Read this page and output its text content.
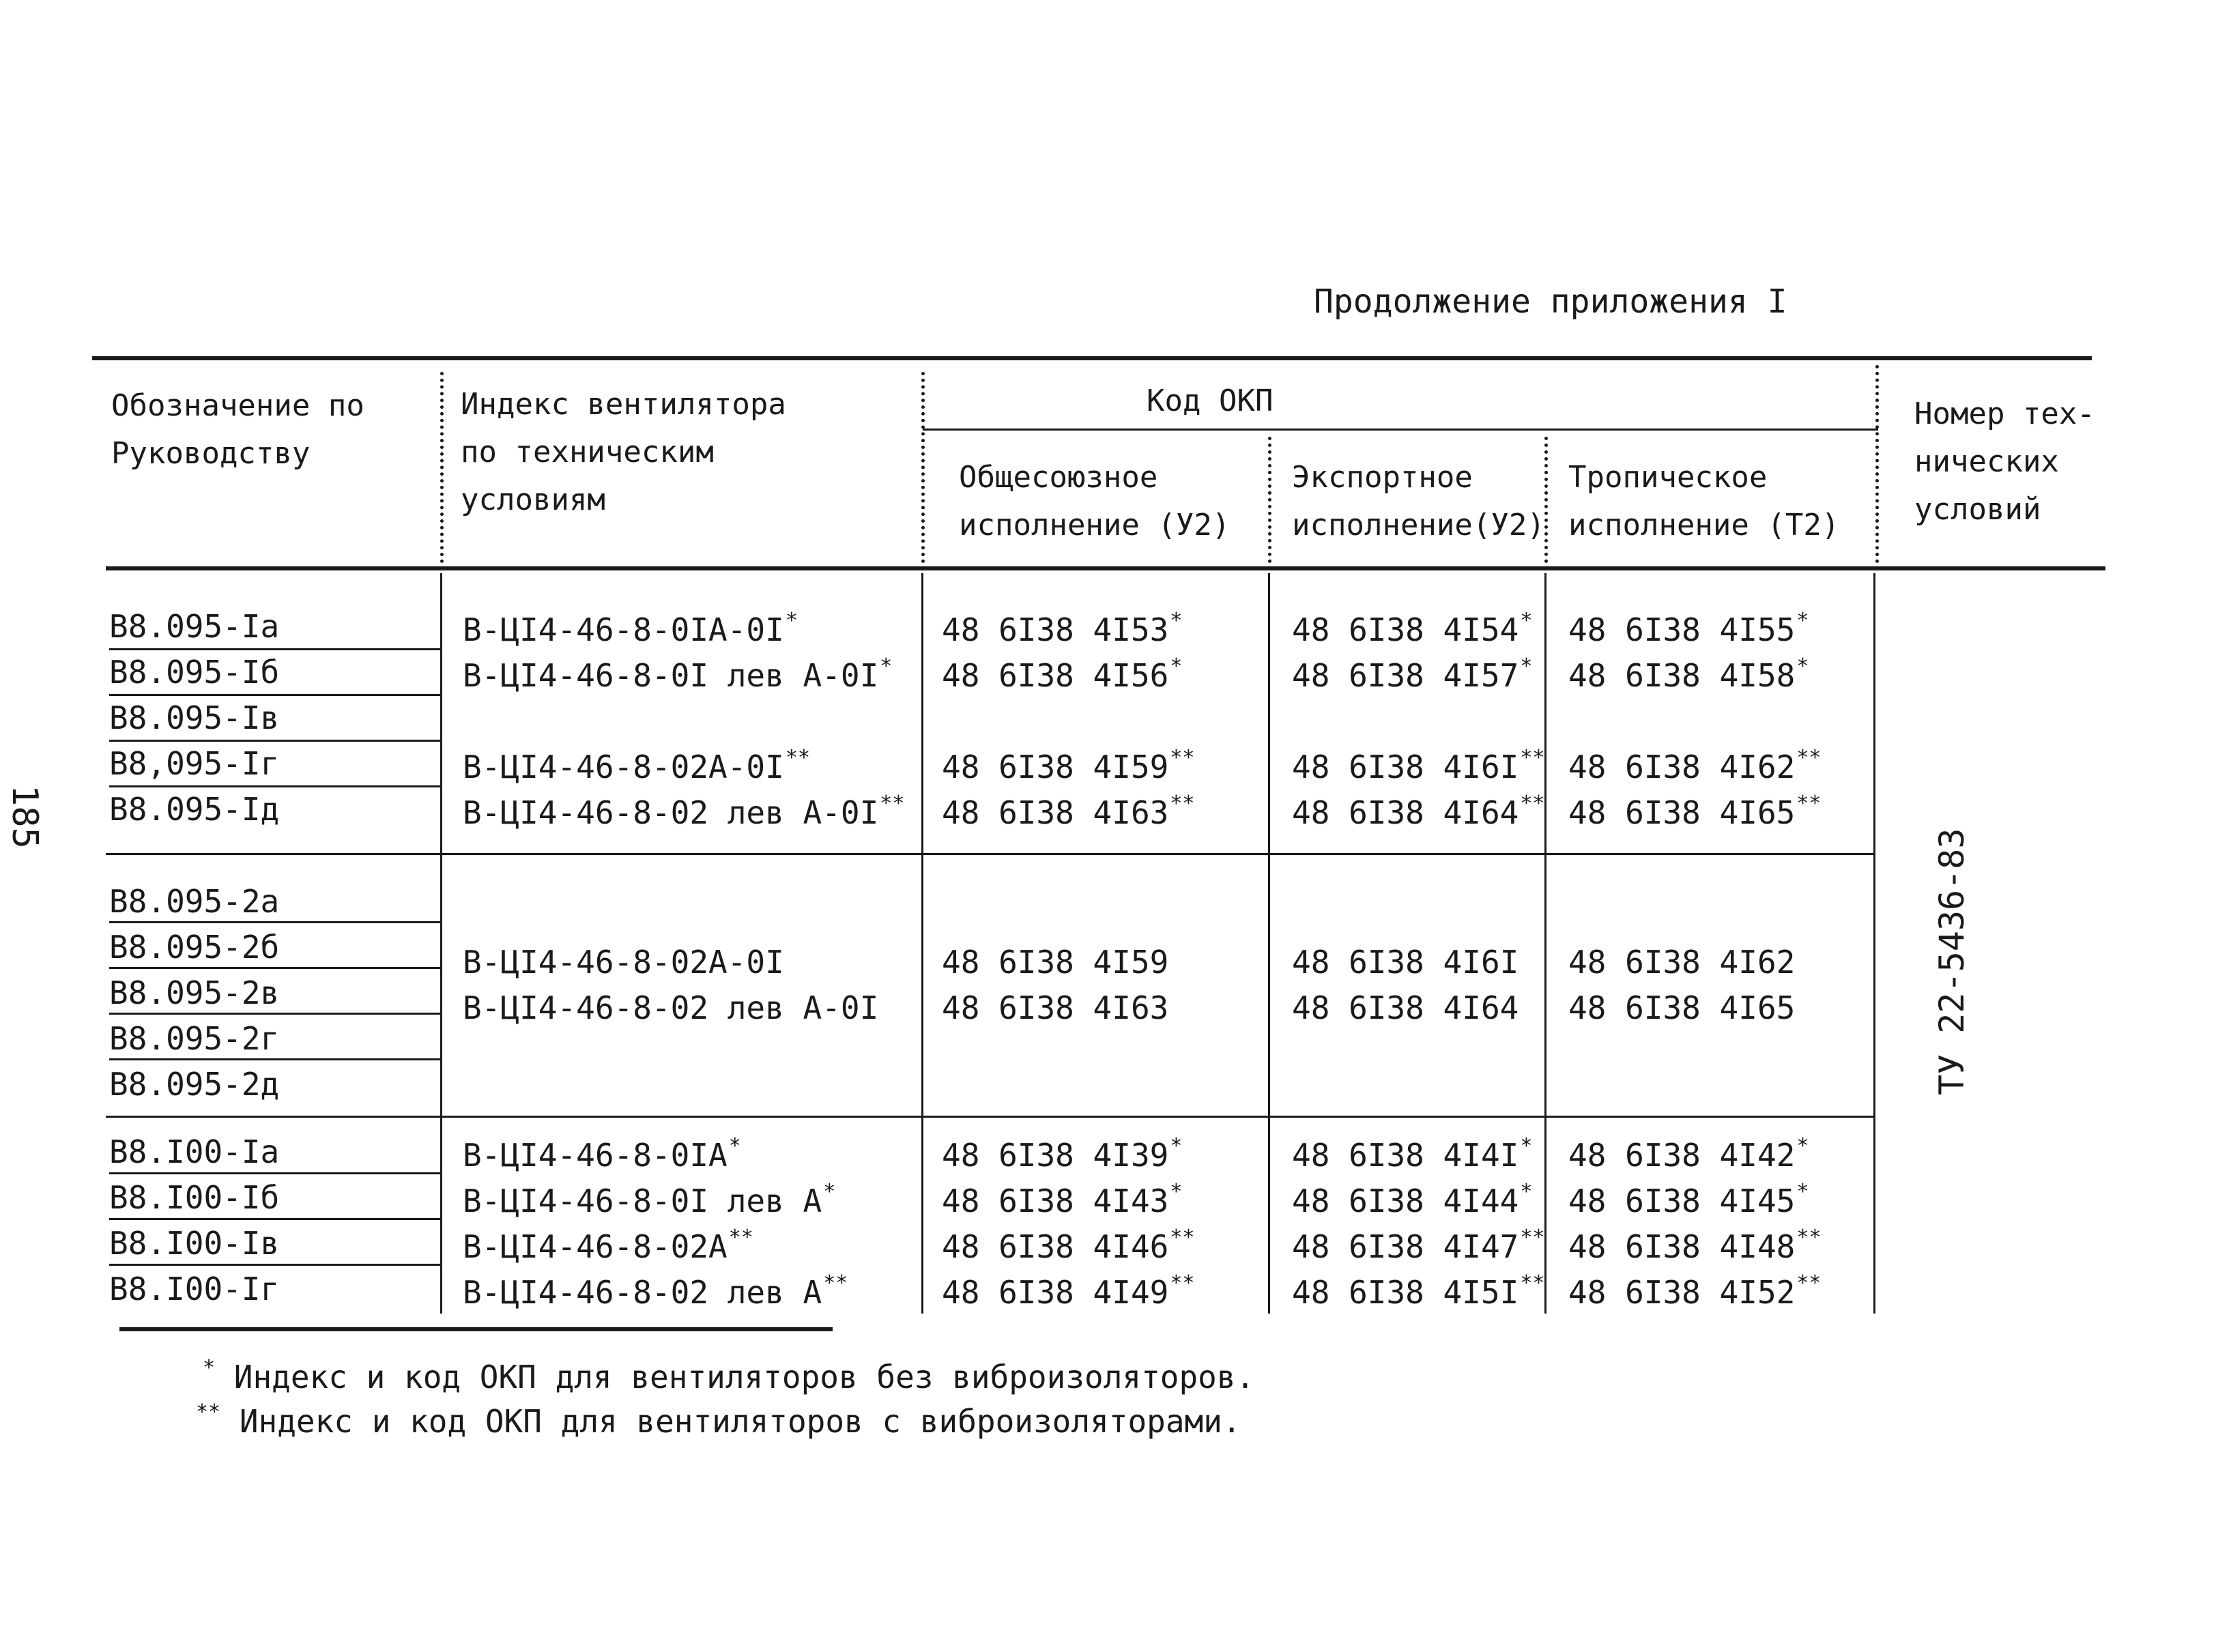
Продолжение приложения I
185
Обозначение по
Руководству
Индекс вентилятора
по техническим
условиям
Код ОКП
Общесоюзное
исполнение (У2)
Экспортное
исполнение(У2)
Тропическое
исполнение (Т2)
Номер тех-
нических
условий
В8.095-Iа
В8.095-Iб
В8.095-Iв
В8,095-Iг
В8.095-Iд
В-ЦI4-46-8-0IА-0I*
В-ЦI4-46-8-0I лев А-0I*
В-ЦI4-46-8-02А-0I**
В-ЦI4-46-8-02 лев А-0I**
48 6I38 4I53*
48 6I38 4I56*
48 6I38 4I59**
48 6I38 4I63**
48 6I38 4I54*
48 6I38 4I57*
48 6I38 4I6I**
48 6I38 4I64**
48 6I38 4I55*
48 6I38 4I58*
48 6I38 4I62**
48 6I38 4I65**
В8.095-2а
В8.095-2б
В8.095-2в
В8.095-2г
В8.095-2д
В-ЦI4-46-8-02А-0I
В-ЦI4-46-8-02 лев А-0I
48 6I38 4I59
48 6I38 4I63
48 6I38 4I6I
48 6I38 4I64
48 6I38 4I62
48 6I38 4I65
В8.I00-Iа
В8.I00-Iб
В8.I00-Iв
В8.I00-Iг
В-ЦI4-46-8-0IА*
В-ЦI4-46-8-0I лев А*
В-ЦI4-46-8-02А**
В-ЦI4-46-8-02 лев А**
48 6I38 4I39*
48 6I38 4I43*
48 6I38 4I46**
48 6I38 4I49**
48 6I38 4I4I*
48 6I38 4I44*
48 6I38 4I47**
48 6I38 4I5I**
48 6I38 4I42*
48 6I38 4I45*
48 6I38 4I48**
48 6I38 4I52**
ТУ 22-5436-83
* Индекс и код ОКП для вентиляторов без виброизоляторов.
** Индекс и код ОКП для вентиляторов с виброизоляторами.
